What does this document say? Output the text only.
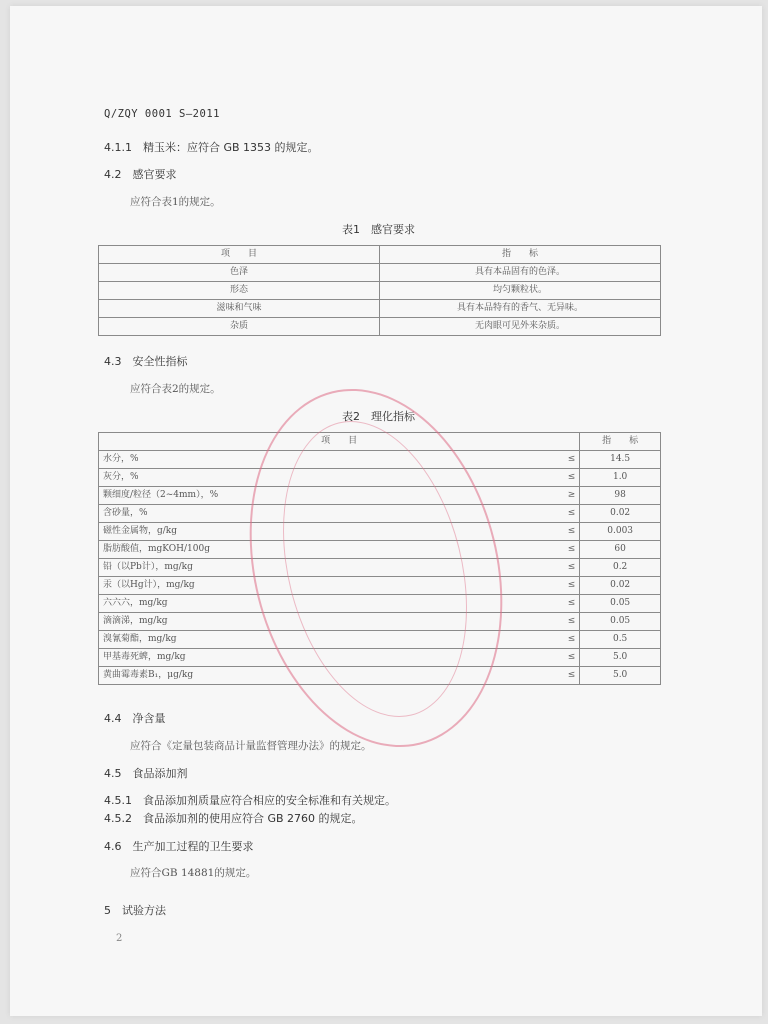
Q/ZQY 0001 S—2011
4.1.1　精玉米：应符合 GB 1353 的规定。
4.2　感官要求
应符合表1的规定。
表1　感官要求
项　　目	指　　标
色泽	具有本品固有的色泽。
形态	均匀颗粒状。
滋味和气味	具有本品特有的香气、无异味。
杂质	无肉眼可见外来杂质。
4.3　安全性指标
应符合表2的规定。
表2　理化指标
项　　目		指　　标
水分，%	≤	14.5
灰分，%	≤	1.0
颗细度/粒径（2~4mm），%	≥	98
含砂量，%	≤	0.02
磁性金属物，g/kg	≤	0.003
脂肪酸值，mgKOH/100g	≤	60
铅（以Pb计），mg/kg	≤	0.2
汞（以Hg计），mg/kg	≤	0.02
六六六，mg/kg	≤	0.05
滴滴涕，mg/kg	≤	0.05
溴氰菊酯，mg/kg	≤	0.5
甲基毒死蜱，mg/kg	≤	5.0
黄曲霉毒素B₁，μg/kg	≤	5.0
4.4　净含量
应符合《定量包装商品计量监督管理办法》的规定。
4.5　食品添加剂
4.5.1　食品添加剂质量应符合相应的安全标准和有关规定。
4.5.2　食品添加剂的使用应符合 GB 2760 的规定。
4.6　生产加工过程的卫生要求
应符合GB 14881的规定。
5　试验方法
2
